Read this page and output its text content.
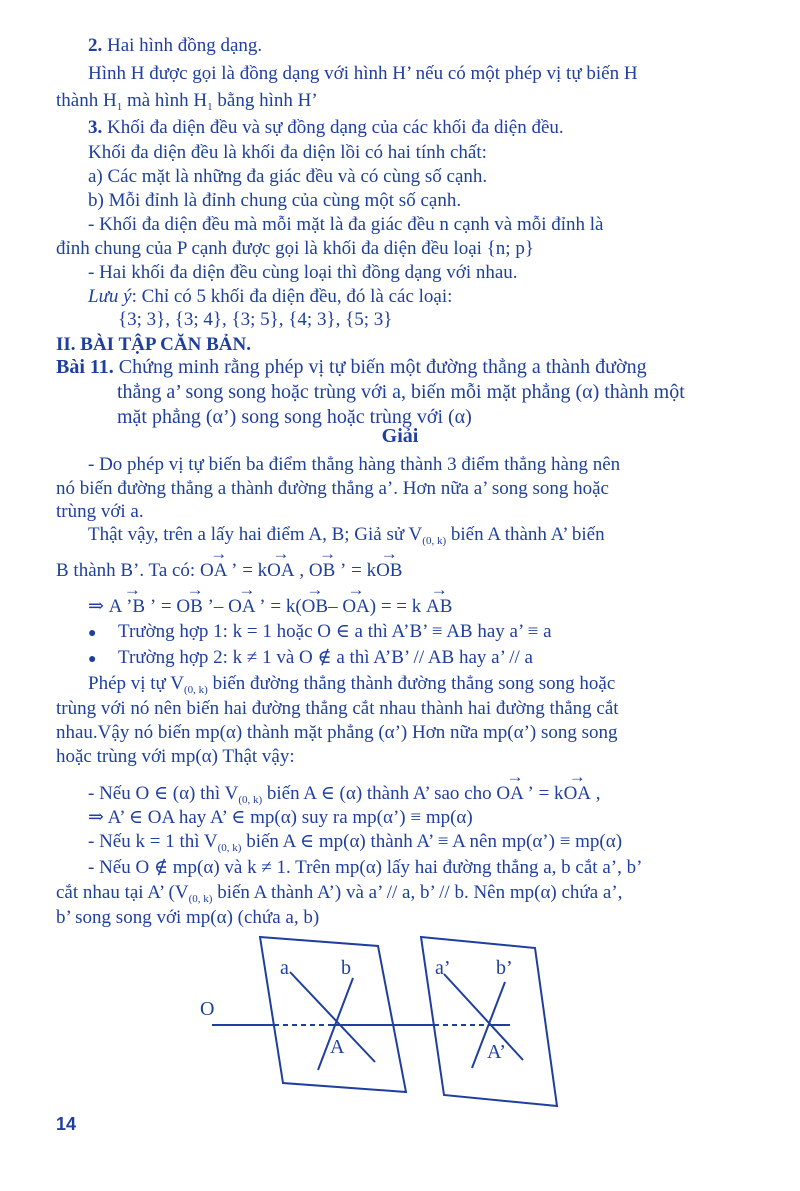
2. Hai hình đồng dạng.
Hình H được gọi là đồng dạng với hình H’ nếu có một phép vị tự biến H
thành $H_1$ mà hình $H_1$ bằng hình H’
3. Khối đa diện đều và sự đồng dạng của các khối đa diện đều.
Khối đa diện đều là khối đa diện lồi có hai tính chất:
a) Các mặt là những đa giác đều và có cùng số cạnh.
b) Mỗi đỉnh là đỉnh chung của cùng một số cạnh.
- Khối đa diện đều mà mỗi mặt là đa giác đều n cạnh và mỗi đỉnh là
đỉnh chung của P cạnh được gọi là khối đa diện đều loại {n; p}
- Hai khối đa diện đều cùng loại thì đồng dạng với nhau.
Lưu ý: Chỉ có 5 khối đa diện đều, đó là các loại:
{3; 3}, {3; 4}, {3; 5}, {4; 3}, {5; 3}
II. BÀI TẬP CĂN BẢN.
Bài 11. Chứng minh rằng phép vị tự biến một đường thẳng a thành đường
thẳng a’ song song hoặc trùng với a, biến mỗi mặt phẳng (α) thành một
mặt phẳng (α’) song song hoặc trùng với (α)
Giải
- Do phép vị tự biến ba điểm thẳng hàng thành 3 điểm thẳng hàng nên
nó biến đường thẳng a thành đường thẳng a’. Hơn nữa a’ song song hoặc
trùng với a.
Thật vậy, trên a lấy hai điểm A, B; Giả sử $V_{(0, k)}$ biến A thành A’ biến
B thành B’. Ta có: → OA ’ = k→ OA , → OB ’ = k→ OB
⇒ → A ’B ’ = → OB ’– → OA ’ = k(→ OB– → OA) = = k → AB
● Trường hợp 1: k = 1 hoặc O ∈ a thì A’B’ ≡ AB hay a’ ≡ a
● Trường hợp 2: k ≠ 1 và O ∉ a thì A’B’ // AB hay a’ // a
Phép vị tự $V_{(0, k)}$ biến đường thẳng thành đường thẳng song song hoặc
trùng với nó nên biến hai đường thẳng cắt nhau thành hai đường thẳng cắt
nhau.Vậy nó biến mp(α) thành mặt phẳng (α’) Hơn nữa mp(α’) song song
hoặc trùng với mp(α) Thật vậy:
- Nếu O ∈ (α) thì $V_{(0, k)}$ biến A ∈ (α) thành A’ sao cho → OA ’ = k→ OA ,
⇒ A’ ∈ OA hay A’ ∈ mp(α) suy ra mp(α’) ≡ mp(α)
- Nếu k = 1 thì $V_{(0, k)}$ biến A ∈ mp(α) thành A’ ≡ A nên mp(α’) ≡ mp(α)
- Nếu O ∉ mp(α) và k ≠ 1. Trên mp(α) lấy hai đường thẳng a, b cắt a’, b’
cắt nhau tại A’ ($V_{(0, k)}$ biến A thành A’) và a’ // a, b’ // b. Nên mp(α) chứa a’,
b’ song song với mp(α) (chứa a, b)
O
a	b
A
a’ b’
A’
14
